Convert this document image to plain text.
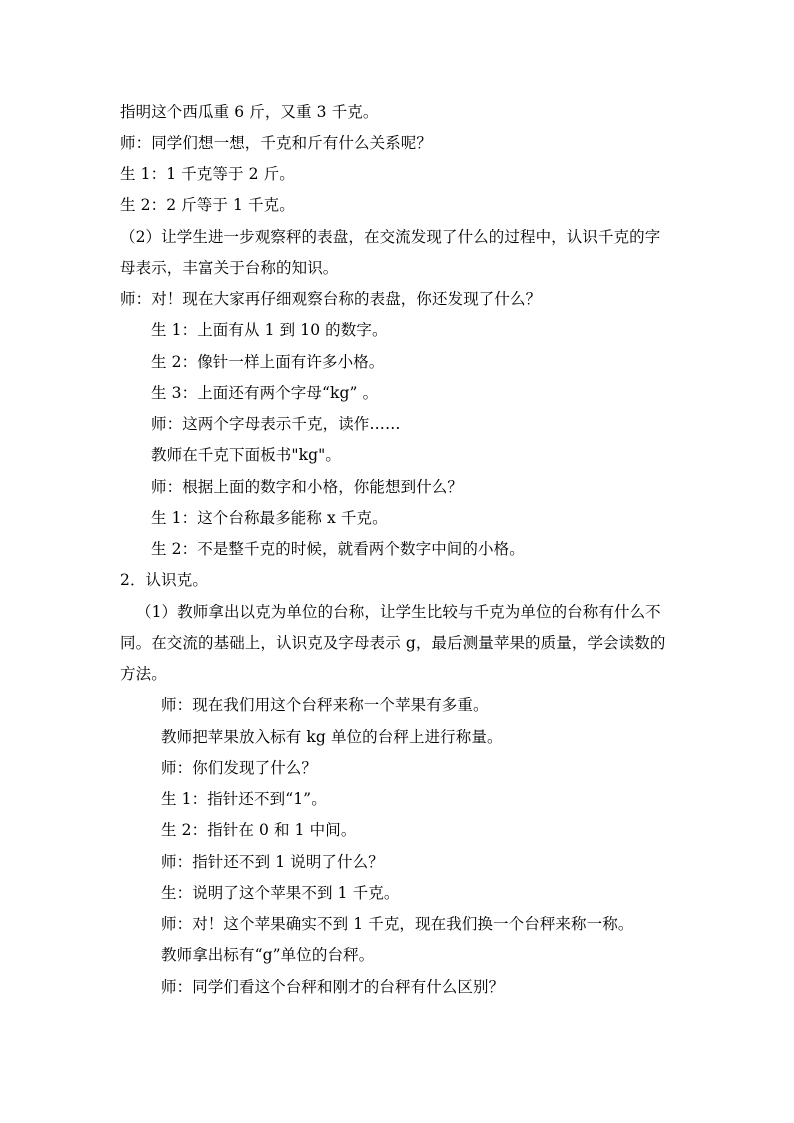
指明这个西瓜重 6 斤，又重 3 千克。
师：同学们想一想，千克和斤有什么关系呢？
生 1：1 千克等于 2 斤。
生 2：2 斤等于 1 千克。
（2）让学生进一步观察秤的表盘，在交流发现了什么的过程中，认识千克的字
母表示，丰富关于台称的知识。
师：对！现在大家再仔细观察台称的表盘，你还发现了什么？
生 1：上面有从 1 到 10 的数字。
生 2：像针一样上面有许多小格。
生 3：上面还有两个字母“kg” 。
师：这两个字母表示千克，读作……
教师在千克下面板书"kg"。
师：根据上面的数字和小格，你能想到什么？
生 1：这个台称最多能称 x 千克。
生 2：不是整千克的时候，就看两个数字中间的小格。
2．认识克。
（1）教师拿出以克为单位的台称，让学生比较与千克为单位的台称有什么不
同。在交流的基础上，认识克及字母表示 g，最后测量苹果的质量，学会读数的
方法。
师：现在我们用这个台秤来称一个苹果有多重。
教师把苹果放入标有 kg 单位的台秤上进行称量。
师：你们发现了什么？
生 1：指针还不到“1”。
生 2：指针在 0 和 1 中间。
师：指针还不到 1 说明了什么？
生：说明了这个苹果不到 1 千克。
师：对！这个苹果确实不到 1 千克，现在我们换一个台秤来称一称。
教师拿出标有“g”单位的台秤。
师：同学们看这个台秤和刚才的台秤有什么区别？
